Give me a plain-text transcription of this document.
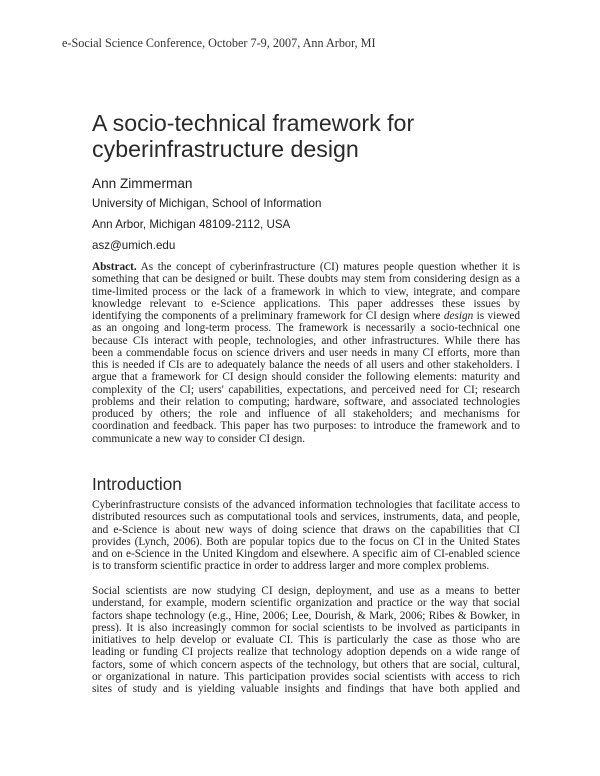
e-Social Science Conference, October 7-9, 2007, Ann Arbor, MI
A socio-technical framework for
cyberinfrastructure design
Ann Zimmerman
University of Michigan, School of Information
Ann Arbor, Michigan 48109-2112, USA
asz@umich.edu
Abstract. As the concept of cyberinfrastructure (CI) matures people question whether it is
something that can be designed or built. These doubts may stem from considering design as a
time-limited process or the lack of a framework in which to view, integrate, and compare
knowledge relevant to e-Science applications. This paper addresses these issues by
identifying the components of a preliminary framework for CI design where design is viewed
as an ongoing and long-term process. The framework is necessarily a socio-technical one
because CIs interact with people, technologies, and other infrastructures. While there has
been a commendable focus on science drivers and user needs in many CI efforts, more than
this is needed if CIs are to adequately balance the needs of all users and other stakeholders. I
argue that a framework for CI design should consider the following elements: maturity and
complexity of the CI; users' capabilities, expectations, and perceived need for CI; research
problems and their relation to computing; hardware, software, and associated technologies
produced by others; the role and influence of all stakeholders; and mechanisms for
coordination and feedback. This paper has two purposes: to introduce the framework and to
communicate a new way to consider CI design.
Introduction
Cyberinfrastructure consists of the advanced information technologies that facilitate access to
distributed resources such as computational tools and services, instruments, data, and people,
and e-Science is about new ways of doing science that draws on the capabilities that CI
provides (Lynch, 2006). Both are popular topics due to the focus on CI in the United States
and on e-Science in the United Kingdom and elsewhere. A specific aim of CI-enabled science
is to transform scientific practice in order to address larger and more complex problems.
Social scientists are now studying CI design, deployment, and use as a means to better
understand, for example, modern scientific organization and practice or the way that social
factors shape technology (e.g., Hine, 2006; Lee, Dourish, & Mark, 2006; Ribes & Bowker, in
press). It is also increasingly common for social scientists to be involved as participants in
initiatives to help develop or evaluate CI. This is particularly the case as those who are
leading or funding CI projects realize that technology adoption depends on a wide range of
factors, some of which concern aspects of the technology, but others that are social, cultural,
or organizational in nature. This participation provides social scientists with access to rich
sites of study and is yielding valuable insights and findings that have both applied and
